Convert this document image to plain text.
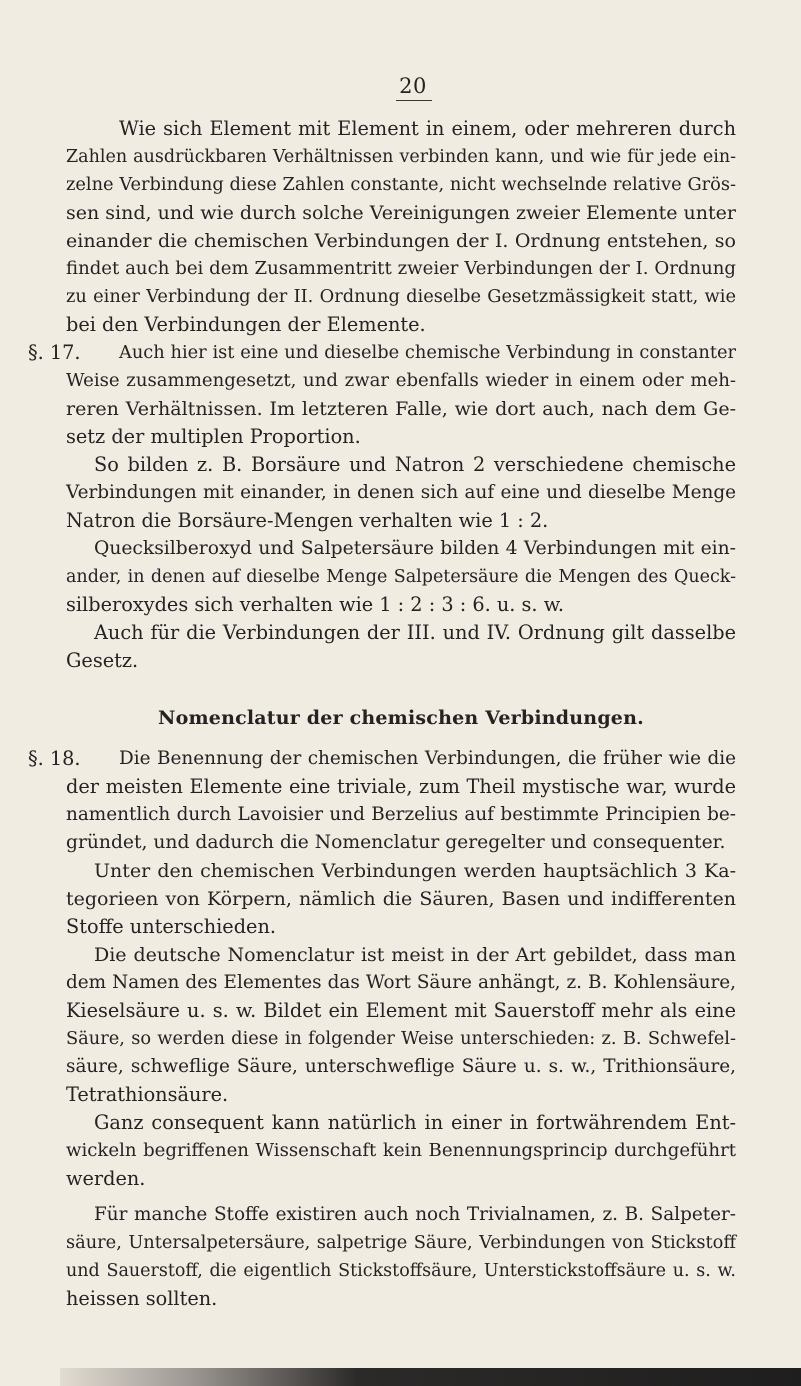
20
Wie sich Element mit Element in einem, oder mehreren durch
Zahlen ausdrückbaren Verhältnissen verbinden kann, und wie für jede ein-
zelne Verbindung diese Zahlen constante, nicht wechselnde relative Grös-
sen sind, und wie durch solche Vereinigungen zweier Elemente unter
einander die chemischen Verbindungen der I. Ordnung entstehen, so
findet auch bei dem Zusammentritt zweier Verbindungen der I. Ordnung
zu einer Verbindung der II. Ordnung dieselbe Gesetzmässigkeit statt, wie
bei den Verbindungen der Elemente.
§. 17. Auch hier ist eine und dieselbe chemische Verbindung in constanter
Weise zusammengesetzt, und zwar ebenfalls wieder in einem oder meh-
reren Verhältnissen. Im letzteren Falle, wie dort auch, nach dem Ge-
setz der multiplen Proportion.
So bilden z. B. Borsäure und Natron 2 verschiedene chemische
Verbindungen mit einander, in denen sich auf eine und dieselbe Menge
Natron die Borsäure-Mengen verhalten wie 1 : 2.
Quecksilberoxyd und Salpetersäure bilden 4 Verbindungen mit ein-
ander, in denen auf dieselbe Menge Salpetersäure die Mengen des Queck-
silberoxydes sich verhalten wie 1 : 2 : 3 : 6. u. s. w.
Auch für die Verbindungen der III. und IV. Ordnung gilt dasselbe
Gesetz.
Nomenclatur der chemischen Verbindungen.
§. 18. Die Benennung der chemischen Verbindungen, die früher wie die
der meisten Elemente eine triviale, zum Theil mystische war, wurde
namentlich durch Lavoisier und Berzelius auf bestimmte Principien be-
gründet, und dadurch die Nomenclatur geregelter und consequenter.
Unter den chemischen Verbindungen werden hauptsächlich 3 Ka-
tegorieen von Körpern, nämlich die Säuren, Basen und indifferenten
Stoffe unterschieden.
Die deutsche Nomenclatur ist meist in der Art gebildet, dass man
dem Namen des Elementes das Wort Säure anhängt, z. B. Kohlensäure,
Kieselsäure u. s. w. Bildet ein Element mit Sauerstoff mehr als eine
Säure, so werden diese in folgender Weise unterschieden: z. B. Schwefel-
säure, schweflige Säure, unterschweflige Säure u. s. w., Trithionsäure,
Tetrathionsäure.
Ganz consequent kann natürlich in einer in fortwährendem Ent-
wickeln begriffenen Wissenschaft kein Benennungsprincip durchgeführt
werden.
Für manche Stoffe existiren auch noch Trivialnamen, z. B. Salpeter-
säure, Untersalpetersäure, salpetrige Säure, Verbindungen von Stickstoff
und Sauerstoff, die eigentlich Stickstoffsäure, Unterstickstoffsäure u. s. w.
heissen sollten.
